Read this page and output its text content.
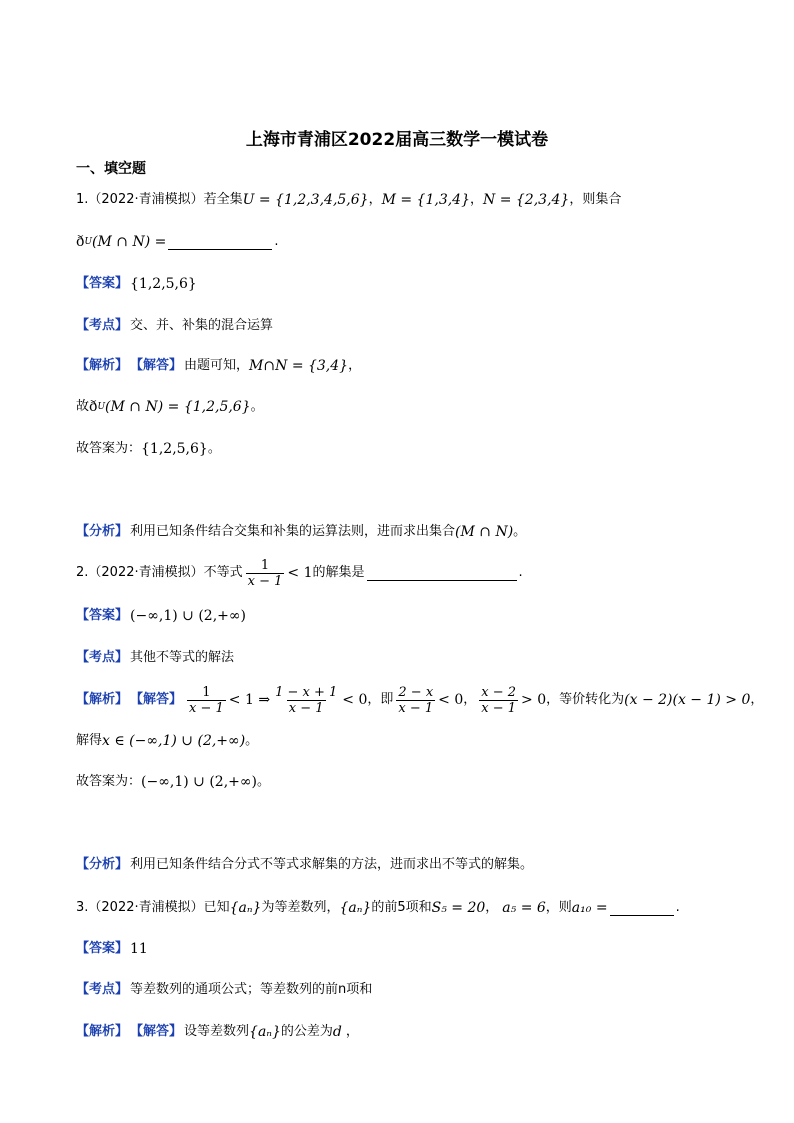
上海市青浦区2022届高三数学一模试卷
一、填空题
1.（2022·青浦模拟）若全集 U = {1,2,3,4,5,6} ， M = {1,3,4} ， N = {2,3,4} ，则集合
ð U (M ∩ N) =	.
【答案】 {1,2,5,6}
【考点】 交、并、补集的混合运算
【解析】 【解答】 由题可知， M∩N = {3,4} ，
故 ð U (M ∩ N) = {1,2,5,6} 。
故答案为： {1,2,5,6} 。
【分析】 利用已知条件结合交集和补集的运算法则，进而求出集合 (M ∩ N) 。
2.（2022·青浦模拟）不等式 $\frac{1}{x - 1} < 1$ 的解集是	.
【答案】 (−∞,1) ∪ (2,+∞)
【考点】 其他不等式的解法
【解析】 【解答】 $\frac{1}{x - 1} < 1$ ⇒ $\frac{1 - x + 1}{x - 1} < 0$ ，即 $\frac{2 - x}{x - 1} < 0$ ， $\frac{x - 2}{x - 1} > 0$ ，等价转化为 (x − 2)(x − 1) > 0 ，
解得 x ∈ (−∞,1) ∪ (2,+∞) 。
故答案为： (−∞,1) ∪ (2,+∞) 。
【分析】 利用已知条件结合分式不等式求解集的方法，进而求出不等式的解集。
3.（2022·青浦模拟）已知 {aₙ} 为等差数列， {aₙ} 的前5项和 S₅ = 20 ， a₅ = 6 ，则 a₁₀ =	.
【答案】 11
【考点】 等差数列的通项公式；等差数列的前n项和
【解析】 【解答】 设等差数列 {aₙ} 的公差为 d ，
